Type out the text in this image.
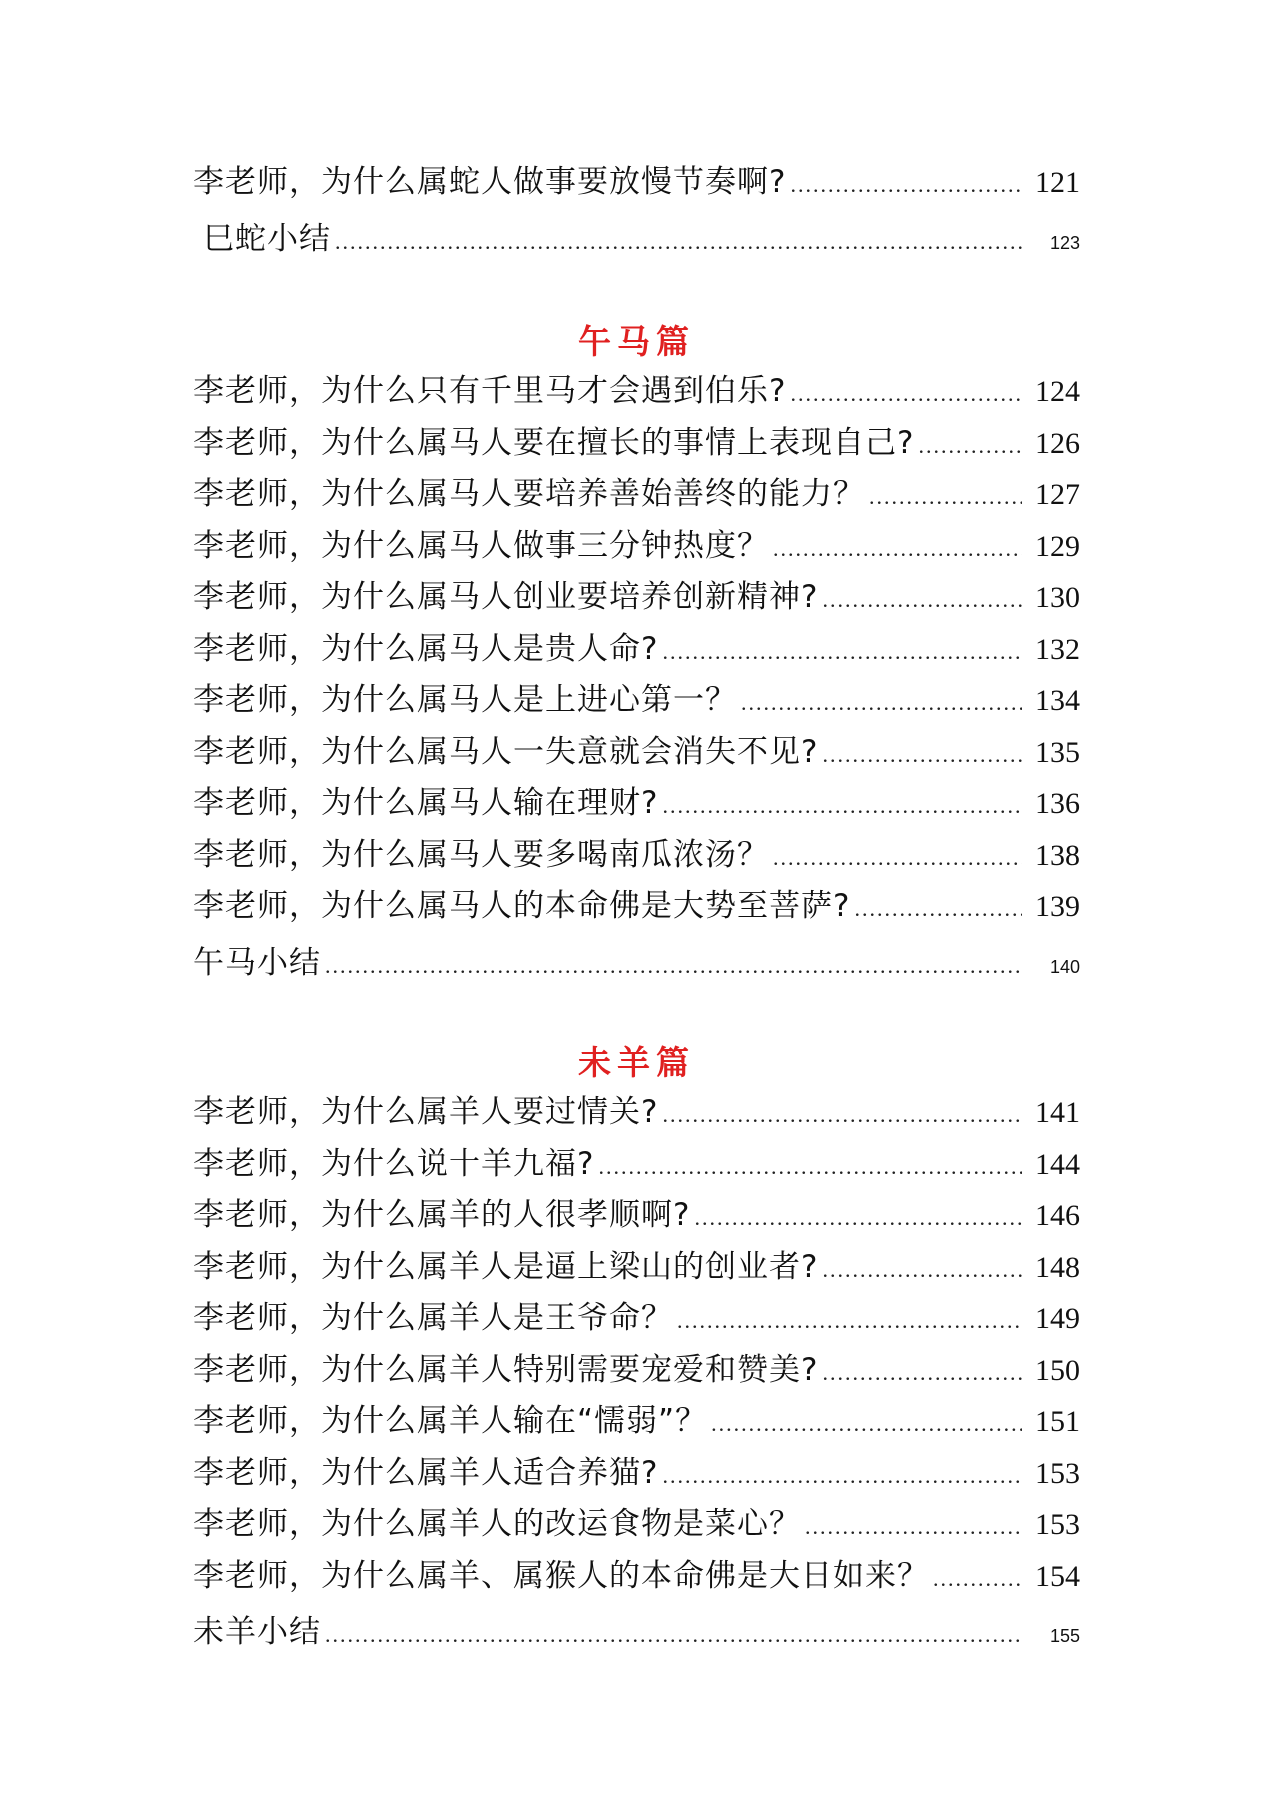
李老师，为什么属蛇人做事要放慢节奏啊? .....	121
巳蛇小结 .....	123
午马篇
李老师，为什么只有千里马才会遇到伯乐? .....	124
李老师，为什么属马人要在擅长的事情上表现自己? .....	126
李老师，为什么属马人要培养善始善终的能力？ .....	127
李老师，为什么属马人做事三分钟热度？ .....	129
李老师，为什么属马人创业要培养创新精神? .....	130
李老师，为什么属马人是贵人命? .....	132
李老师，为什么属马人是上进心第一？ .....	134
李老师，为什么属马人一失意就会消失不见? .....	135
李老师，为什么属马人输在理财? .....	136
李老师，为什么属马人要多喝南瓜浓汤？ .....	138
李老师，为什么属马人的本命佛是大势至菩萨? .....	139
午马小结 .....	140
未羊篇
李老师，为什么属羊人要过情关? .....	141
李老师，为什么说十羊九福? .....	144
李老师，为什么属羊的人很孝顺啊? .....	146
李老师，为什么属羊人是逼上梁山的创业者? .....	148
李老师，为什么属羊人是王爷命？ .....	149
李老师，为什么属羊人特别需要宠爱和赞美? .....	150
李老师，为什么属羊人输在“懦弱”？ .....	151
李老师，为什么属羊人适合养猫? .....	153
李老师，为什么属羊人的改运食物是菜心？ .....	153
李老师，为什么属羊、属猴人的本命佛是大日如来？ .....	154
未羊小结 .....	155
